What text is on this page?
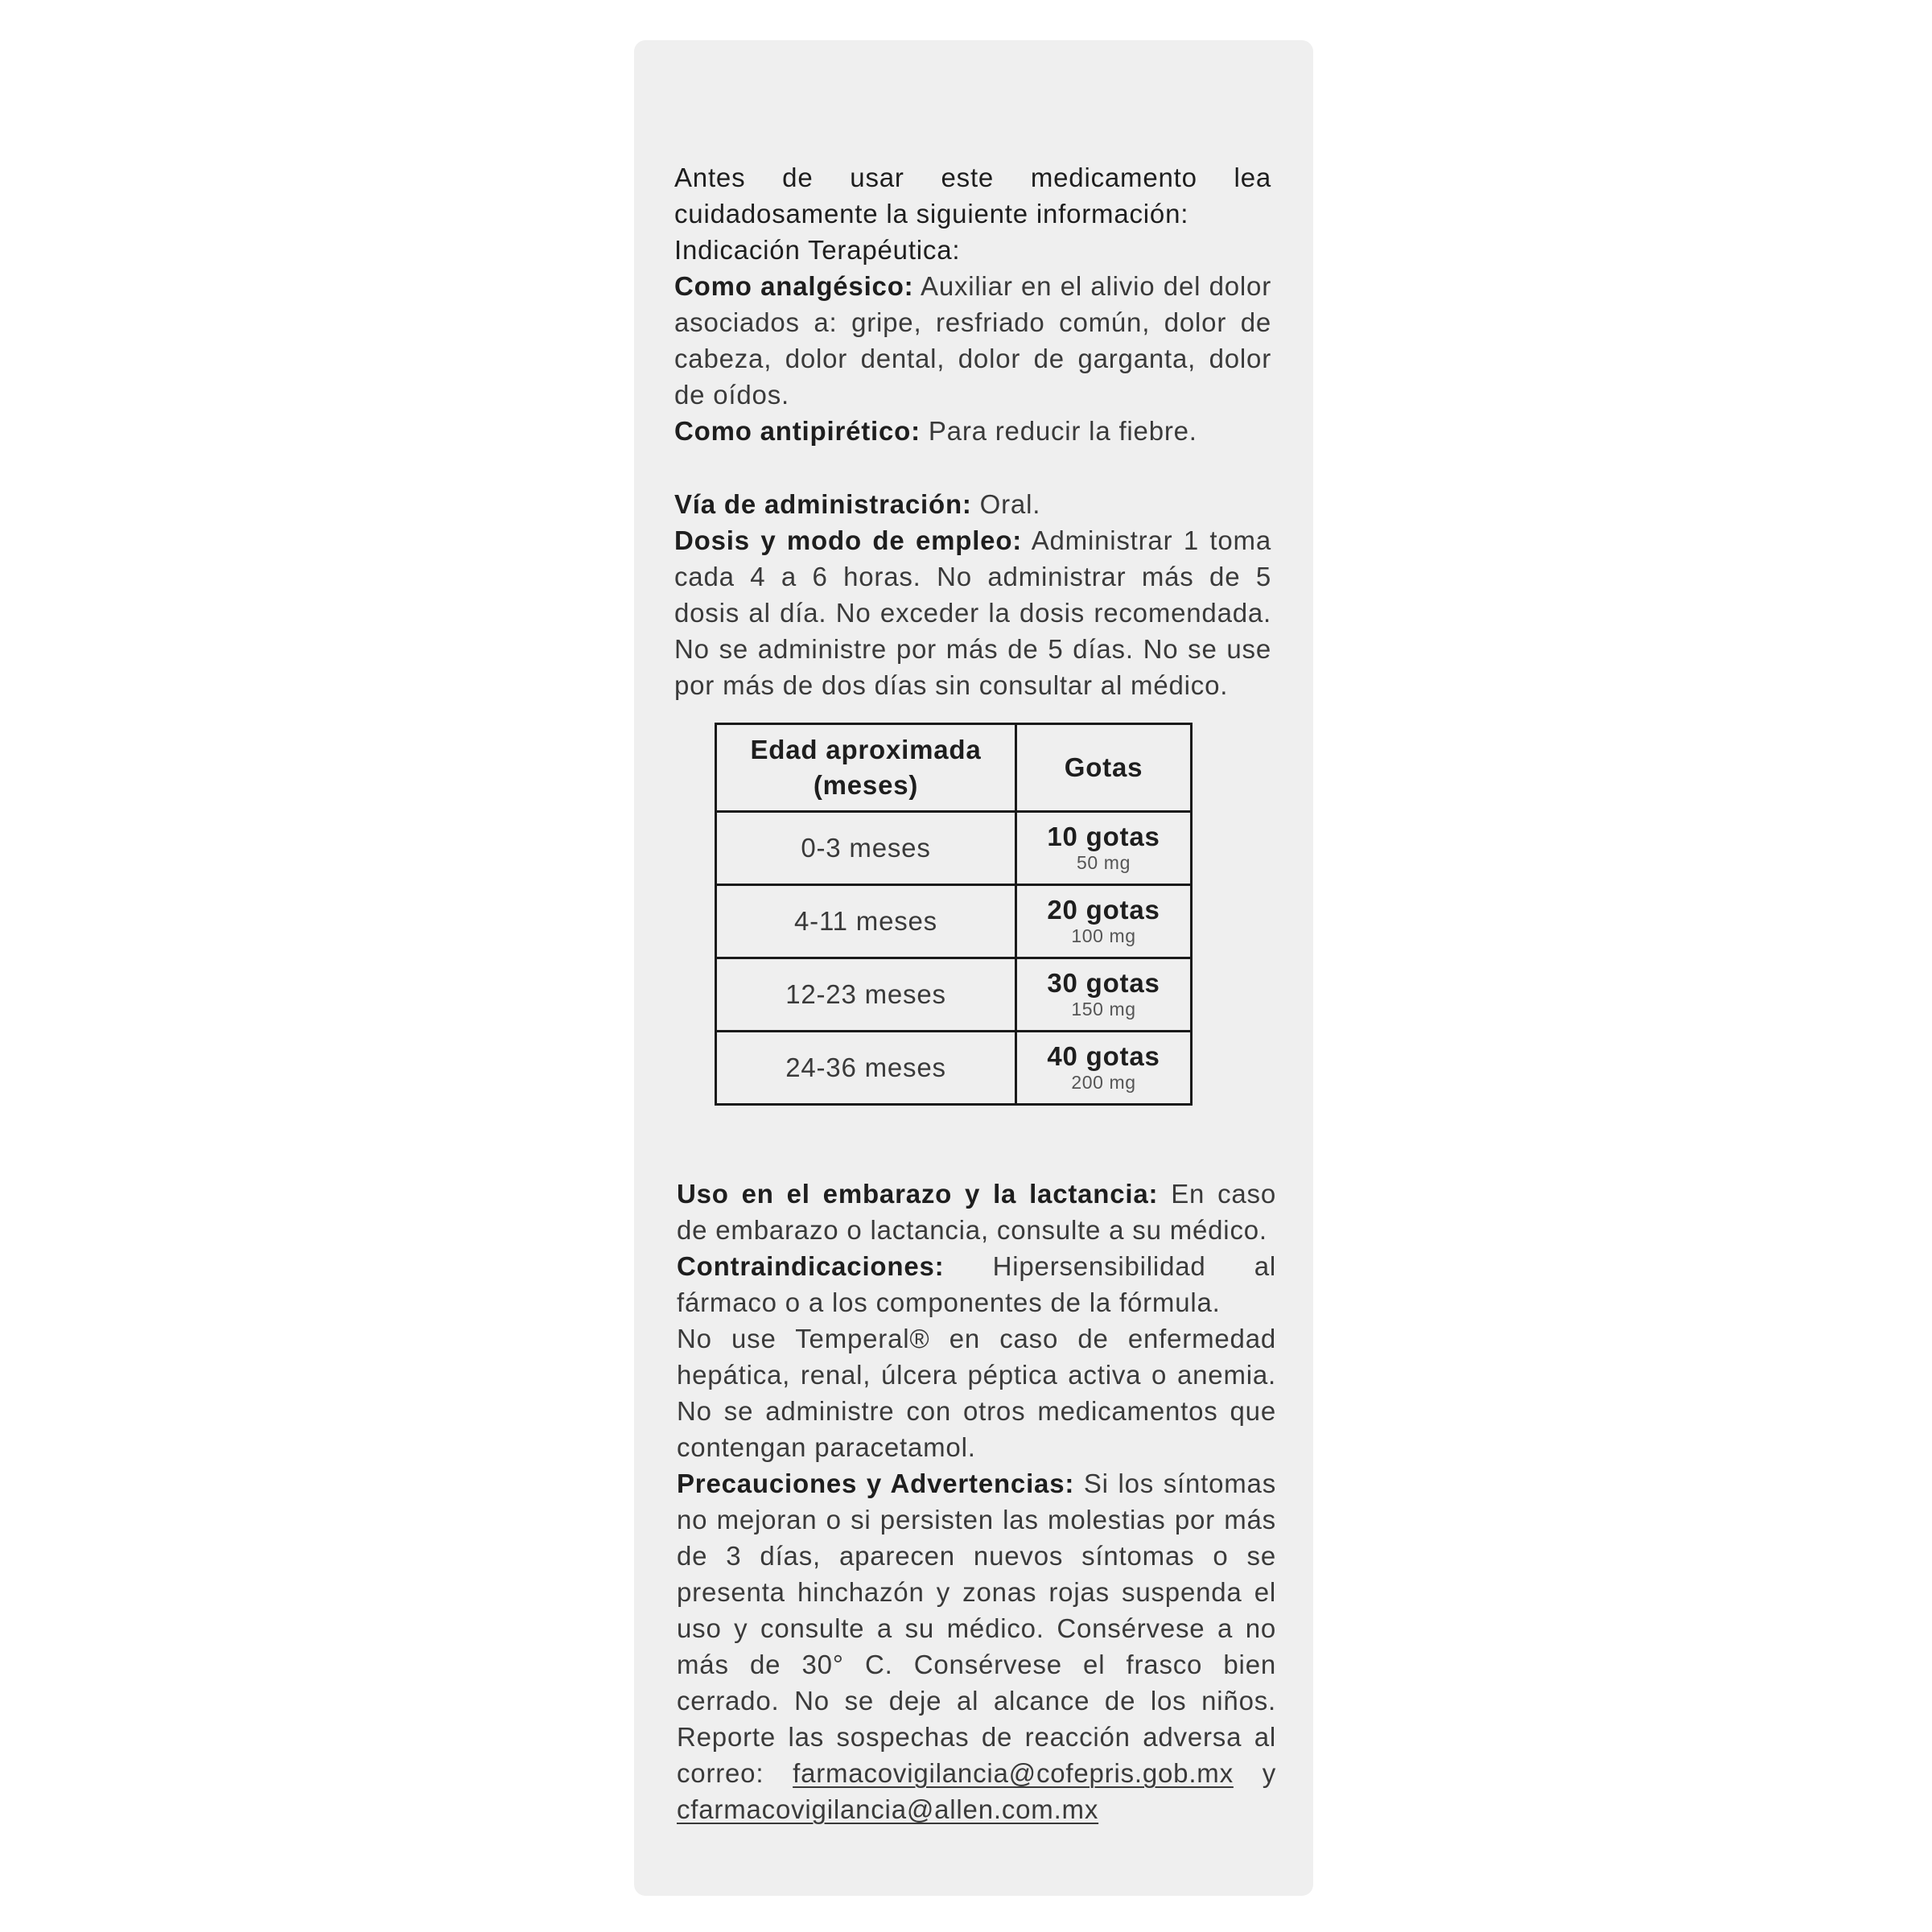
Antes de usar este medicamento lea cuidadosamente la siguiente información:

Indicación Terapéutica:

Como analgésico: Auxiliar en el alivio del dolor asociados a: gripe, resfriado común, dolor de cabeza, dolor dental, dolor de garganta, dolor de oídos.

Como antipirético: Para reducir la fiebre.

Vía de administración: Oral.

Dosis y modo de empleo: Administrar 1 toma cada 4 a 6 horas. No administrar más de 5 dosis al día. No exceder la dosis recomendada. No se administre por más de 5 días. No se use por más de dos días sin consultar al médico.

Edad aproximada (meses)	Gotas
0-3 meses	10 gotas
50 mg

4-11 meses	20 gotas
100 mg

12-23 meses	30 gotas
150 mg

24-36 meses	40 gotas
200 mg

Uso en el embarazo y la lactancia: En caso de embarazo o lactancia, consulte a su médico.

Contraindicaciones: Hipersensibilidad al fármaco o a los componentes de la fórmula.

No use Temperal® en caso de enfermedad hepática, renal, úlcera péptica activa o anemia. No se administre con otros medicamentos que contengan paracetamol.

Precauciones y Advertencias: Si los síntomas no mejoran o si persisten las molestias por más de 3 días, aparecen nuevos síntomas o se presenta hinchazón y zonas rojas suspenda el uso y consulte a su médico. Consérvese a no más de 30° C. Consérvese el frasco bien cerrado. No se deje al alcance de los niños. Reporte las sospechas de reacción adversa al correo: farmacovigilancia@cofepris.gob.mx y cfarmacovigilancia@allen.com.mx
